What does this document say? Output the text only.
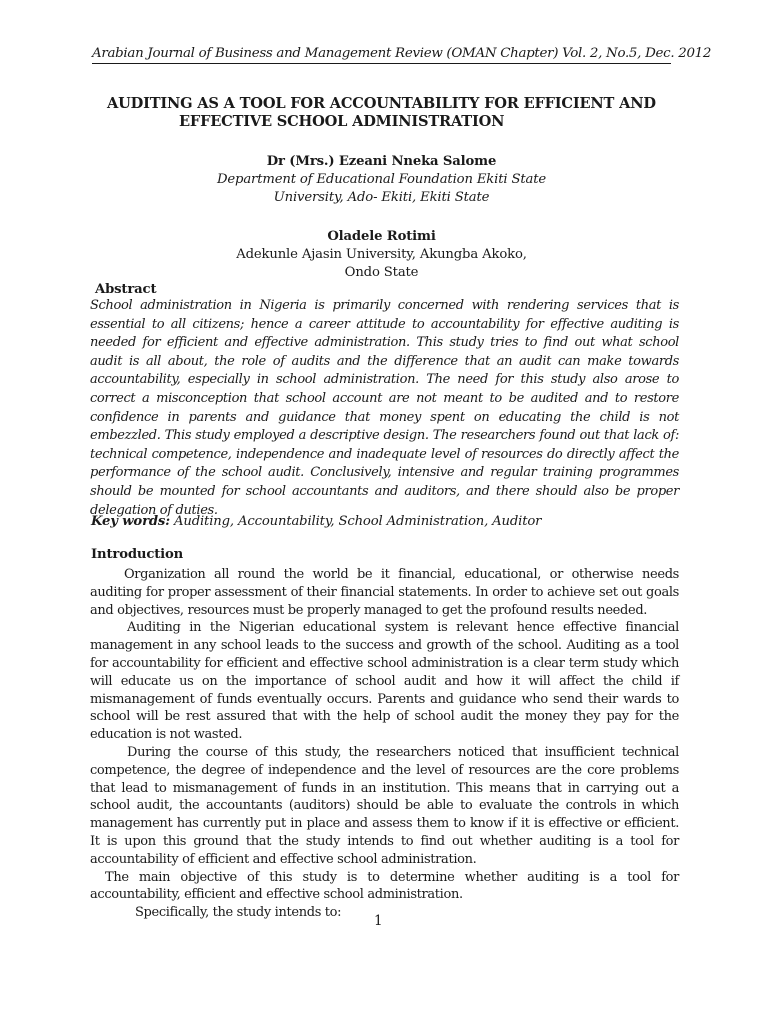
Arabian Journal of Business and Management Review (OMAN Chapter) Vol. 2, No.5, Dec. 2012
AUDITING AS A TOOL FOR ACCOUNTABILITY FOR EFFICIENT AND
EFFECTIVE SCHOOL ADMINISTRATION
Dr (Mrs.) Ezeani Nneka Salome
Department of Educational Foundation Ekiti State
University, Ado- Ekiti, Ekiti State
Oladele Rotimi
Adekunle Ajasin University, Akungba Akoko,
Ondo State
Abstract
School administration in Nigeria is primarily concerned with rendering services that is essential to all citizens; hence a career attitude to accountability for effective auditing is needed for efficient and effective administration. This study tries to find out what school audit is all about, the role of audits and the difference that an audit can make towards accountability, especially in school administration. The need for this study also arose to correct a misconception that school account are not meant to be audited and to restore confidence in parents and guidance that money spent on educating the child is not embezzled. This study employed a descriptive design. The researchers found out that lack of: technical competence, independence and inadequate level of resources do directly affect the performance of the school audit. Conclusively, intensive and regular training programmes should be mounted for school accountants and auditors, and there should also be proper delegation of duties.
Key words: Auditing, Accountability, School Administration, Auditor
Introduction

Organization all round the world be it financial, educational, or otherwise needs auditing for proper assessment of their financial statements. In order to achieve set out goals and objectives, resources must be properly managed to get the profound results needed.

Auditing in the Nigerian educational system is relevant hence effective financial management in any school leads to the success and growth of the school. Auditing as a tool for accountability for efficient and effective school administration is a clear term study which will educate us on the importance of school audit and how it will affect the child if mismanagement of funds eventually occurs. Parents and guidance who send their wards to school will be rest assured that with the help of school audit the money they pay for the education is not wasted.

During the course of this study, the researchers noticed that insufficient technical competence, the degree of independence and the level of resources are the core problems that lead to mismanagement of funds in an institution. This means that in carrying out a school audit, the accountants (auditors) should be able to evaluate the controls in which management has currently put in place and assess them to know if it is effective or efficient. It is upon this ground that the study intends to find out whether auditing is a tool for accountability of efficient and effective school administration.

The main objective of this study is to determine whether auditing is a tool for accountability, efficient and effective school administration.

Specifically, the study intends to:

1
